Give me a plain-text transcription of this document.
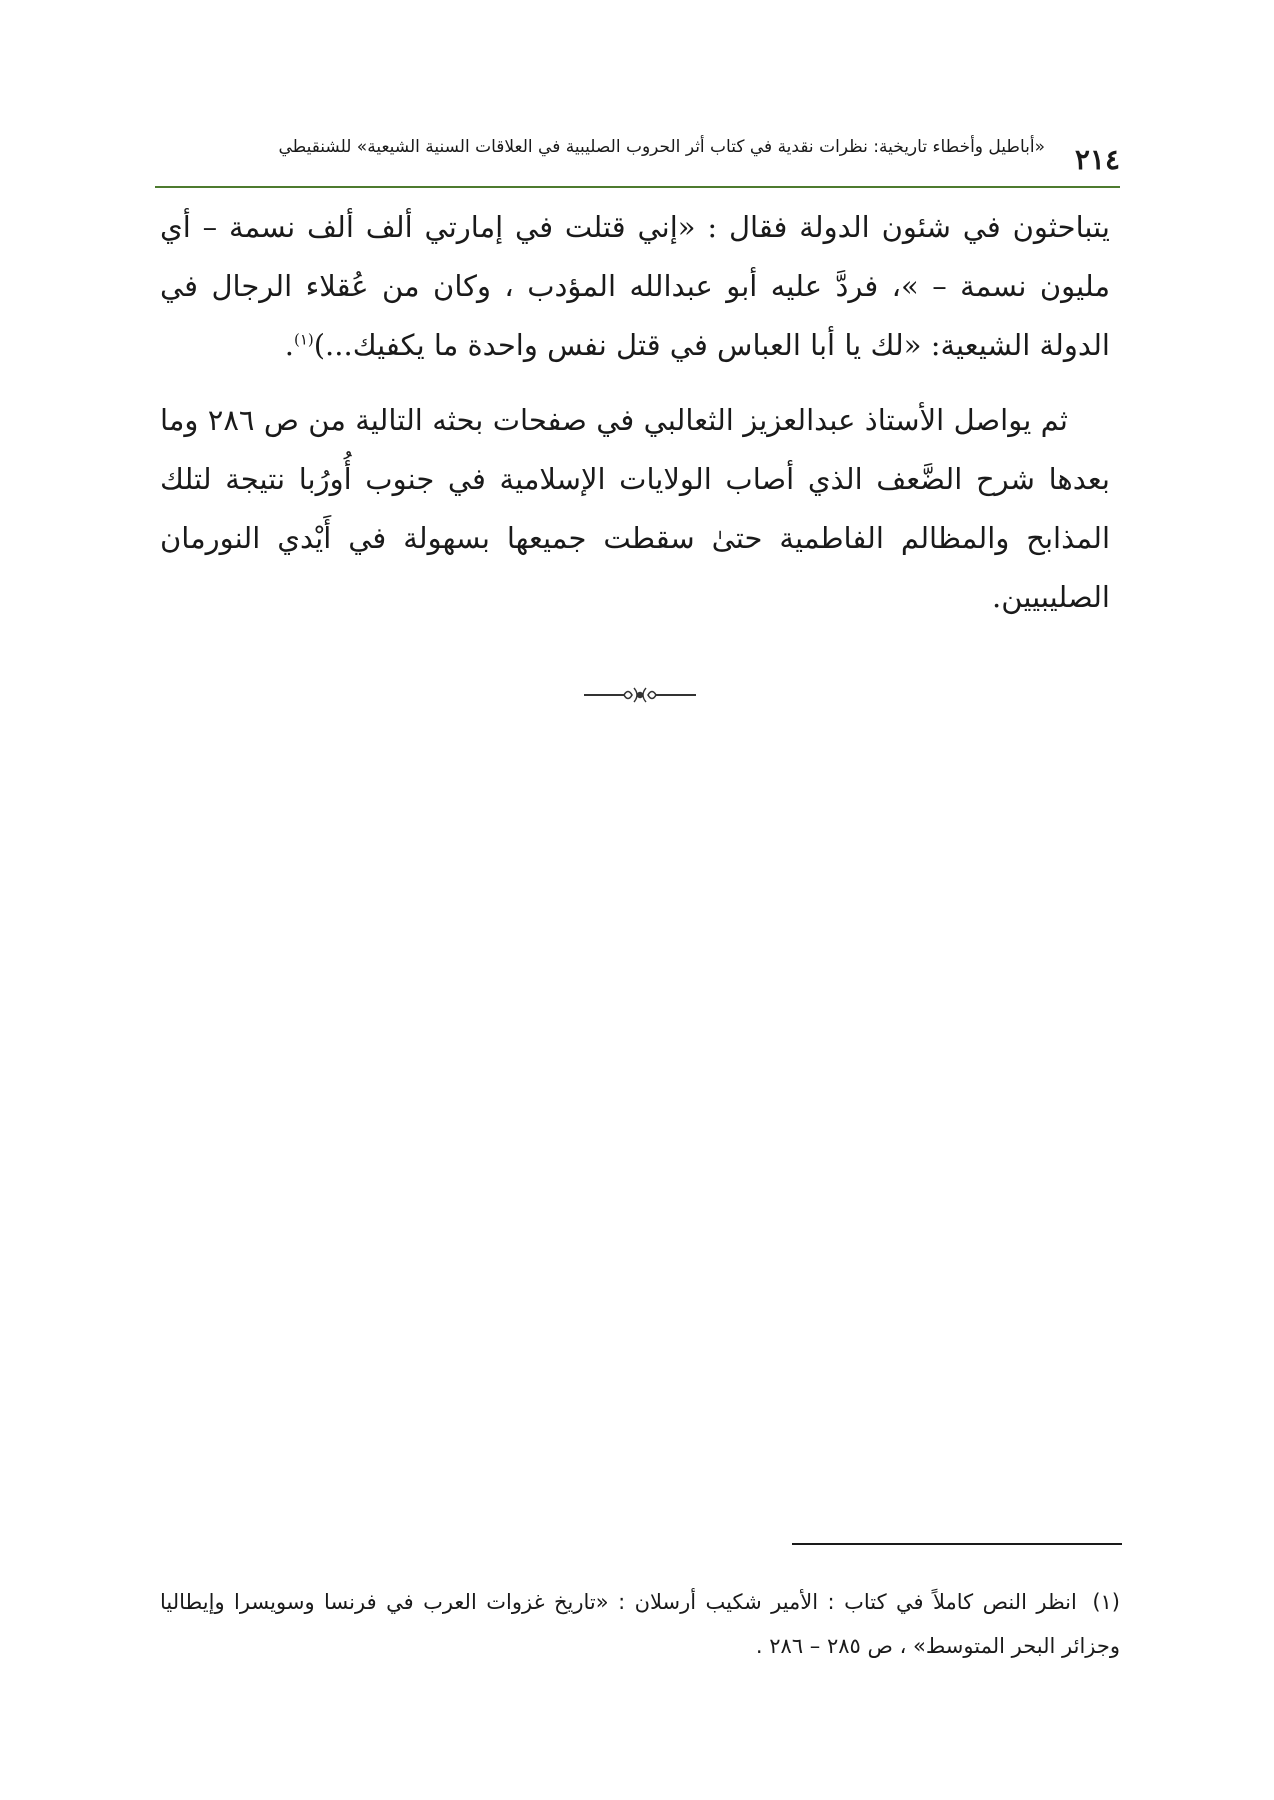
٢١٤
«أباطيل وأخطاء تاريخية: نظرات نقدية في كتاب أثر الحروب الصليبية في العلاقات السنية الشيعية» للشنقيطي

يتباحثون في شئون الدولة فقال : «إني قتلت في إمارتي ألف ألف نسمة – أي مليون نسمة – »، فردَّ عليه أبو عبدالله المؤدب ، وكان من عُقلاء الرجال في الدولة الشيعية: «لك يا أبا العباس في قتل نفس واحدة ما يكفيك...)$^{(١)}$.

ثم يواصل الأستاذ عبدالعزيز الثعالبي في صفحات بحثه التالية من ص ٢٨٦ وما بعدها شرح الضَّعف الذي أصاب الولايات الإسلامية في جنوب أُورُبا نتيجة لتلك المذابح والمظالم الفاطمية حتىٰ سقطت جميعها بسهولة في أَيْدي النورمان الصليبيين.

(١) انظر النص كاملاً في كتاب : الأمير شكيب أرسلان : «تاريخ غزوات العرب في فرنسا وسويسرا وإيطاليا وجزائر البحر المتوسط» ، ص ٢٨٥ – ٢٨٦ .
